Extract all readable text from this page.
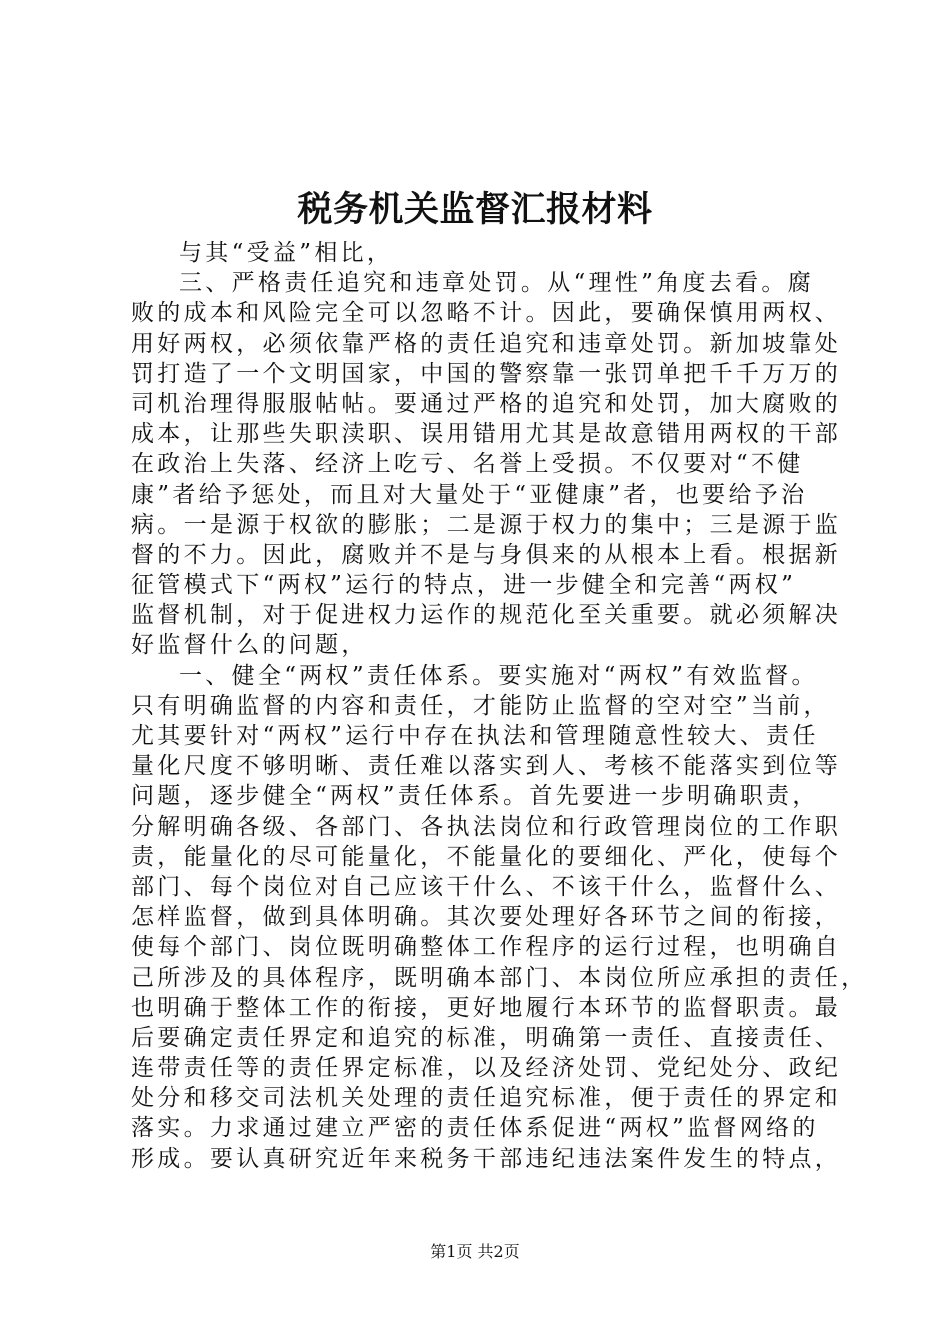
税务机关监督汇报材料
与其“受益”相比，
三、严格责任追究和违章处罚。从“理性”角度去看。腐
败的成本和风险完全可以忽略不计。因此，要确保慎用两权、
用好两权，必须依靠严格的责任追究和违章处罚。新加坡靠处
罚打造了一个文明国家，中国的警察靠一张罚单把千千万万的
司机治理得服服帖帖。要通过严格的追究和处罚，加大腐败的
成本，让那些失职渎职、误用错用尤其是故意错用两权的干部
在政治上失落、经济上吃亏、名誉上受损。不仅要对“不健
康”者给予惩处，而且对大量处于“亚健康”者，也要给予治
病。一是源于权欲的膨胀；二是源于权力的集中；三是源于监
督的不力。因此，腐败并不是与身俱来的从根本上看。根据新
征管模式下“两权”运行的特点，进一步健全和完善“两权”
监督机制，对于促进权力运作的规范化至关重要。就必须解决
好监督什么的问题，
一、健全“两权”责任体系。要实施对“两权”有效监督。
只有明确监督的内容和责任，才能防止监督的空对空”当前，
尤其要针对“两权”运行中存在执法和管理随意性较大、责任
量化尺度不够明晰、责任难以落实到人、考核不能落实到位等
问题，逐步健全“两权”责任体系。首先要进一步明确职责，
分解明确各级、各部门、各执法岗位和行政管理岗位的工作职
责，能量化的尽可能量化，不能量化的要细化、严化，使每个
部门、每个岗位对自己应该干什么、不该干什么，监督什么、
怎样监督，做到具体明确。其次要处理好各环节之间的衔接，
使每个部门、岗位既明确整体工作程序的运行过程，也明确自
己所涉及的具体程序，既明确本部门、本岗位所应承担的责任，
也明确于整体工作的衔接，更好地履行本环节的监督职责。最
后要确定责任界定和追究的标准，明确第一责任、直接责任、
连带责任等的责任界定标准，以及经济处罚、党纪处分、政纪
处分和移交司法机关处理的责任追究标准，便于责任的界定和
落实。力求通过建立严密的责任体系促进“两权”监督网络的
形成。要认真研究近年来税务干部违纪违法案件发生的特点，
第1页 共2页
